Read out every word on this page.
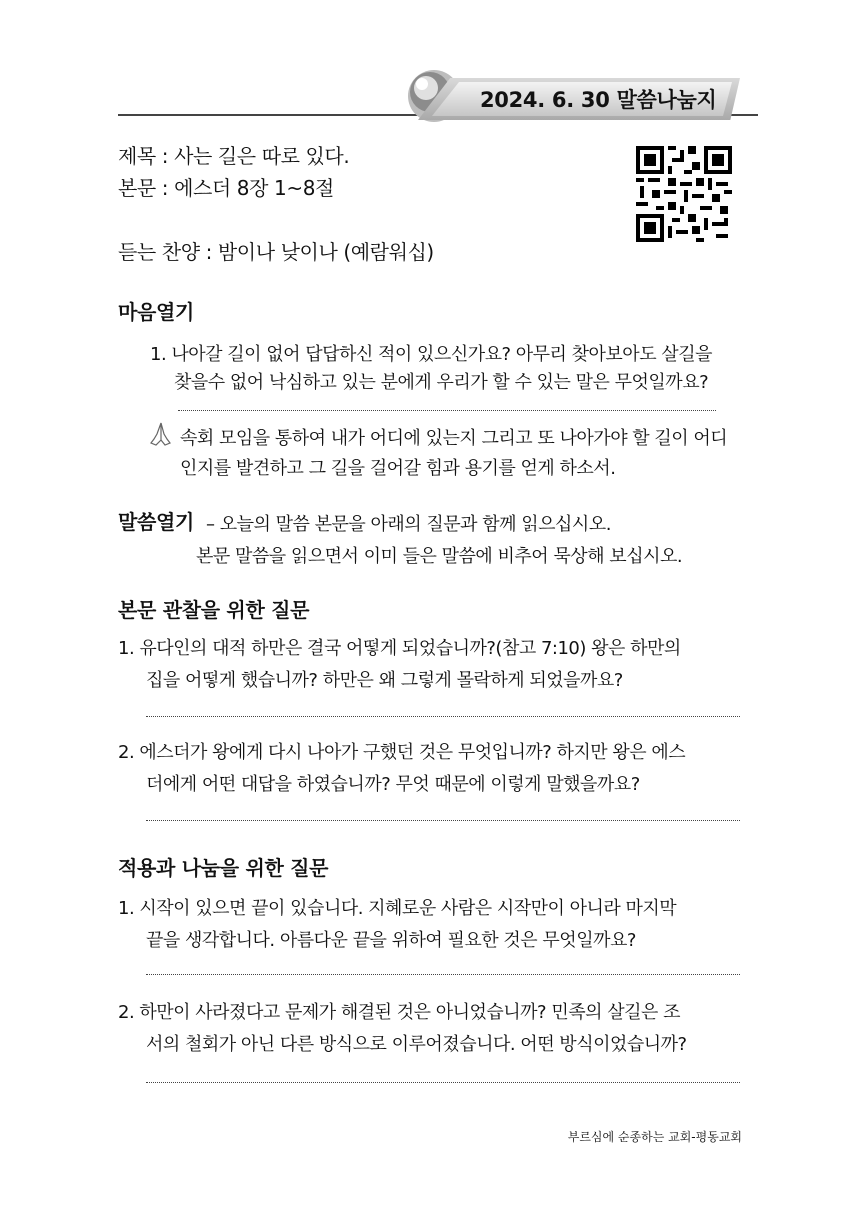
2024. 6. 30 말씀나눔지
제목 : 사는 길은 따로 있다.
본문 : 에스더 8장 1~8절
듣는 찬양 : 밤이나 낮이나 (예람워십)
마음열기
1. 나아갈 길이 없어 답답하신 적이 있으신가요? 아무리 찾아보아도 살길을
찾을수 없어 낙심하고 있는 분에게 우리가 할 수 있는 말은 무엇일까요?
속회 모임을 통하여 내가 어디에 있는지 그리고 또 나아가야 할 길이 어디
인지를 발견하고 그 길을 걸어갈 힘과 용기를 얻게 하소서.
말씀열기 – 오늘의 말씀 본문을 아래의 질문과 함께 읽으십시오.
본문 말씀을 읽으면서 이미 들은 말씀에 비추어 묵상해 보십시오.
본문 관찰을 위한 질문
1. 유다인의 대적 하만은 결국 어떻게 되었습니까?(참고 7:10) 왕은 하만의
집을 어떻게 했습니까? 하만은 왜 그렇게 몰락하게 되었을까요?
2. 에스더가 왕에게 다시 나아가 구했던 것은 무엇입니까? 하지만 왕은 에스
더에게 어떤 대답을 하였습니까? 무엇 때문에 이렇게 말했을까요?
적용과 나눔을 위한 질문
1. 시작이 있으면 끝이 있습니다. 지혜로운 사람은 시작만이 아니라 마지막
끝을 생각합니다. 아름다운 끝을 위하여 필요한 것은 무엇일까요?
2. 하만이 사라졌다고 문제가 해결된 것은 아니었습니까? 민족의 살길은 조
서의 철회가 아닌 다른 방식으로 이루어졌습니다. 어떤 방식이었습니까?
부르심에 순종하는 교회-평동교회
